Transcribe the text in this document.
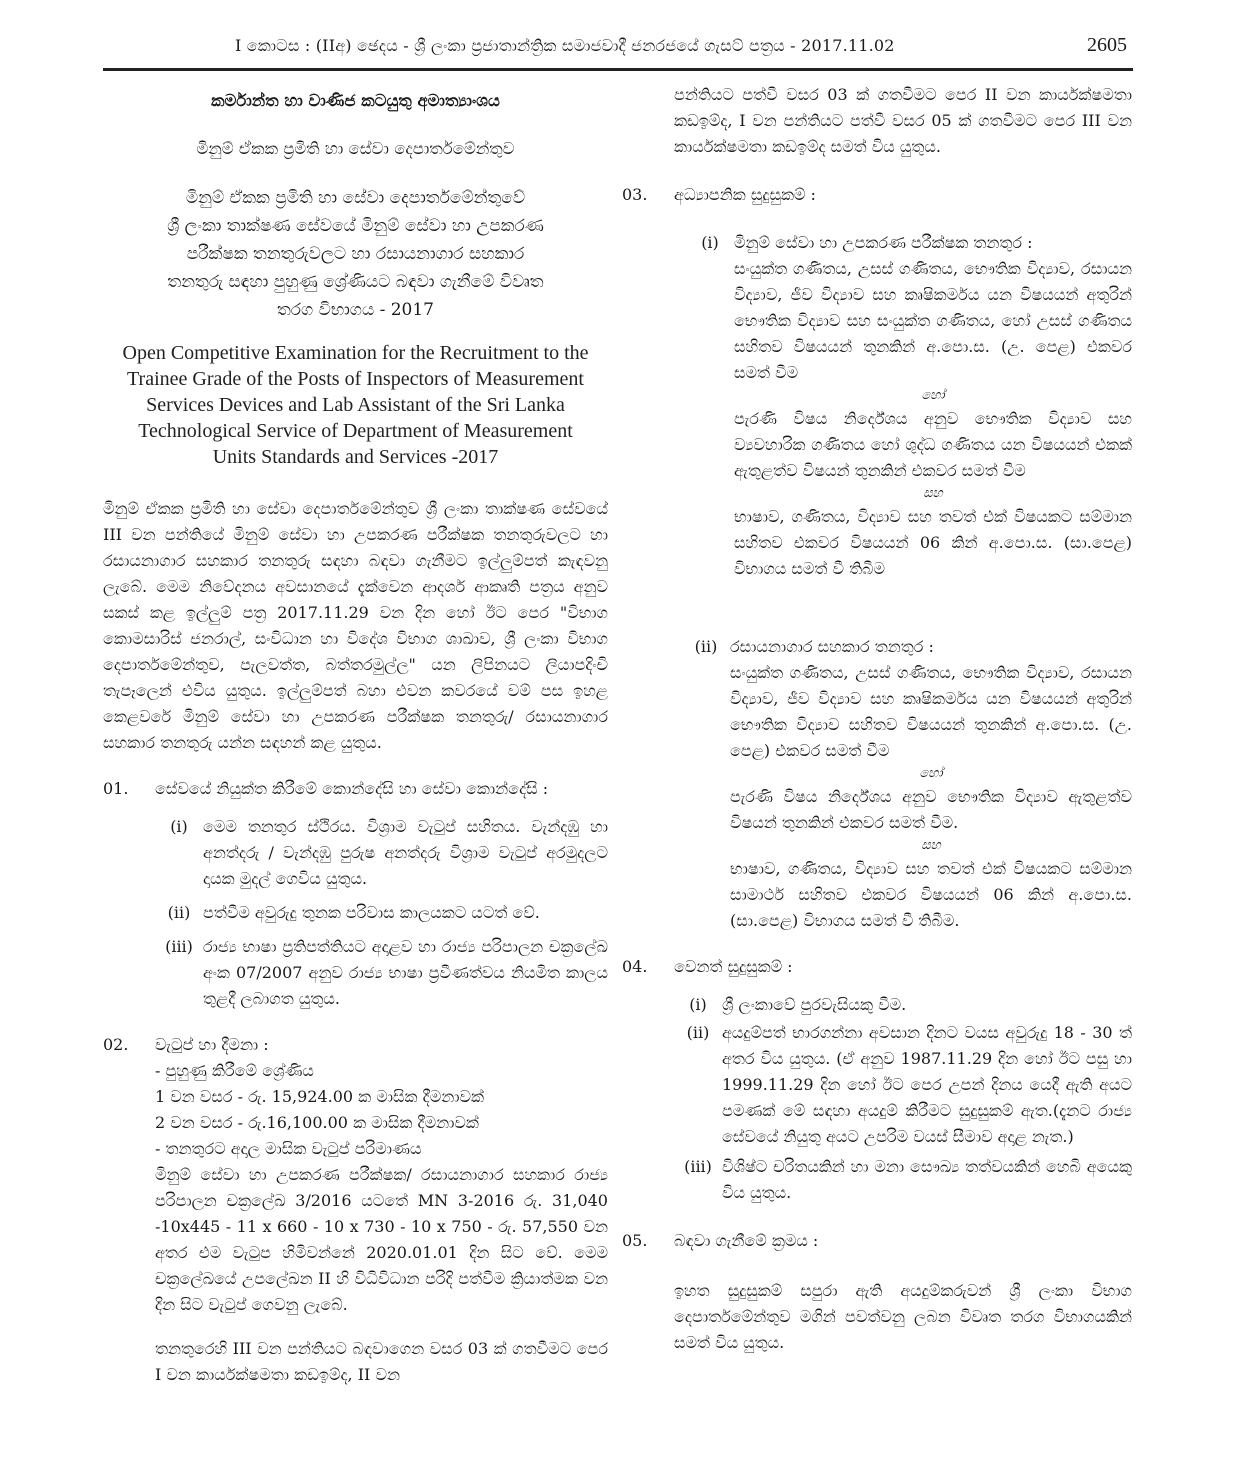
I කොටස : (IIඅ) ඡෙදය - ශ්‍රී ලංකා ප්‍රජාතාන්ත්‍රික සමාජවාදී ජනරජයේ ගැසට් පත්‍රය - 2017.11.02	2605
කර්මාන්ත හා වාණිජ කටයුතු අමාත්‍යාංශය
මිනුම් ඒකක ප්‍රමිති හා සේවා දෙපාර්තමේන්තුව
මිනුම් ඒකක ප්‍රමිති හා සේවා දෙපාර්තමේන්තුවේ
ශ්‍රී ලංකා තාක්ෂණ සේවයේ මිනුම් සේවා හා උපකරණ
පරීක්ෂක තනතුරුවලට හා රසායනාගාර සහකාර
තනතුරු සඳහා පුහුණු ශ්‍රේණියට බඳවා ගැනීමේ විවෘත
තරග විභාගය - 2017
Open Competitive Examination for the Recruitment to the
Trainee Grade of the Posts of Inspectors of Measurement
Services Devices and Lab Assistant of the Sri Lanka
Technological Service of Department of Measurement
Units Standards and Services -2017

මිනුම් ඒකක ප්‍රමිති හා සේවා දෙපාර්තමේන්තුව ශ්‍රී ලංකා තාක්ෂණ සේවයේ III වන පන්තියේ මිනුම් සේවා හා උපකරණ පරීක්ෂක තනතුරුවලට හා රසායනාගාර සහකාර තනතුරු සඳහා බඳවා ගැනීමට ඉල්ලුම්පත් කැඳවනු ලැබේ. මෙම නිවේදනය අවසානයේ දැක්වෙන ආදර්ශ ආකෘති පත්‍රය අනුව සකස් කළ ඉල්ලුම් පත්‍ර 2017.11.29 වන දින හෝ ඊට පෙර "විභාග කොමසාරිස් ජනරාල්, සංවිධාන හා විදේශ විභාග ශාඛාව, ශ්‍රී ලංකා විභාග දෙපාර්තමේන්තුව, පැලවත්ත, බත්තරමුල්ල" යන ලිපිනයට ලියාපදිංචි තැපෑලෙන් එවිය යුතුය. ඉල්ලුම්පත් බහා එවන කවරයේ වම් පස ඉහළ කෙළවරේ මිනුම් සේවා හා උපකරණ පරීක්ෂක තනතුරු/ රසායනාගාර සහකාර තනතුරු යන්න සඳහන් කළ යුතුය.

01.	සේවයේ නියුක්ත කිරීමේ කොන්දේසි හා සේවා කොන්දේසි :
(i) මෙම තනතුර ස්ථිරය. විශ්‍රාම වැටුප් සහිතය. වැන්දඹු හා අනත්දරු / වැන්දඹු පුරුෂ අනත්දරු විශ්‍රාම වැටුප් අරමුදලට දායක මුදල් ගෙවිය යුතුය.
(ii) පත්වීම අවුරුදු තුනක පරිවාස කාලයකට යටත් වේ.
(iii) රාජ්‍ය භාෂා ප්‍රතිපත්තියට අදාළව හා රාජ්‍ය පරිපාලන චක්‍රලේඛ අංක 07/2007 අනුව රාජ්‍ය භාෂා ප්‍රවීණත්වය නියමිත කාලය තුළදී ලබාගත යුතුය.
02.	වැටුප් හා දීමනා :
- පුහුණු කිරීමේ ශ්‍රේණිය
1 වන වසර - රු. 15,924.00 ක මාසික දීමනාවක්
2 වන වසර - රු.16,100.00 ක මාසික දීමනාවක්
- තනතුරට අදාල මාසික වැටුප් පරිමාණය

මිනුම් සේවා හා උපකරණ පරීක්ෂක/ රසායනාගාර සහකාර රාජ්‍ය පරිපාලන චක්‍රලේඛ 3/2016 යටතේ MN 3-2016 රු. 31,040 -10x445 - 11 x 660 - 10 x 730 - 10 x 750 - රු. 57,550 වන අතර එම වැටුප හිමිවන්නේ 2020.01.01 දින සිට වේ. මෙම චක්‍රලේඛයේ උපලේඛන II හි විධිවිධාන පරිදි පත්වීම ක්‍රියාත්මක වන දින සිට වැටුප් ගෙවනු ලැබේ.

තනතුරෙහි III වන පන්තියට බඳවාගෙන වසර 03 ක් ගතවීමට පෙර I වන කාර්යක්ෂමතා කඩඉම්ද, II වන

පන්තියට පත්වී වසර 03 ක් ගතවීමට පෙර II වන කාර්යක්ෂමතා කඩඉම්ද, I වන පන්තියට පත්වී වසර 05 ක් ගතවීමට පෙර III වන කාර්යක්ෂමතා කඩඉම්ද සමත් විය යුතුය.

03.	අධ්‍යාපනික සුදුසුකම් :
(i) මිනුම් සේවා හා උපකරණ පරීක්ෂක තනතුර :
සංයුක්ත ගණිතය, උසස් ගණිතය, භෞතික විද්‍යාව, රසායන විද්‍යාව, ජීව විද්‍යාව සහ කෘෂිකර්මය යන විෂයයන් අතුරින් භෞතික විද්‍යාව සහ සංයුක්ත ගණිතය, හෝ උසස් ගණිතය සහිතව විෂයයන් තුනකින් අ.පො.ස. (උ. පෙළ) එකවර සමත් වීම
හෝ
පැරණි විෂය නිර්දේශය අනුව භෞතික විද්‍යාව සහ ව්‍යවහාරික ගණිතය හෝ ශුද්ධ ගණිතය යන විෂයයන් එකක් ඇතුළත්ව විෂයන් තුනකින් එකවර සමත් වීම
සහ
භාෂාව, ගණිතය, විද්‍යාව සහ තවත් එක් විෂයකට සම්මාන සහිතව එකවර විෂයයන් 06 කින් අ.පො.ස. (සා.පෙළ) විභාගය සමත් වී තිබීම
(ii) රසායනාගාර සහකාර තනතුර :
සංයුක්ත ගණිතය, උසස් ගණිතය, භෞතික විද්‍යාව, රසායන විද්‍යාව, ජීව විද්‍යාව සහ කෘෂිකර්මය යන විෂයයන් අතුරින් භෞතික විද්‍යාව සහිතව විෂයයන් තුනකින් අ.පො.ස. (උ. පෙළ) එකවර සමත් වීම
හෝ
පැරණි විෂය නිර්දේශය අනුව භෞතික විද්‍යාව ඇතුළත්ව විෂයන් තුනකින් එකවර සමත් වීම.
සහ
භාෂාව, ගණිතය, විද්‍යාව සහ තවත් එක් විෂයකට සම්මාන සාමාර්ථ සහිතව එකවර විෂයයන් 06 කින් අ.පො.ස. (සා.පෙළ) විභාගය සමත් වී තිබීම.
04.	වෙනත් සුදුසුකම් :
(i) ශ්‍රී ලංකාවේ පුරවැසියකු වීම.
(ii) අයදුම්පත් භාරගන්නා අවසාන දිනට වයස අවුරුදු 18 - 30 ත් අතර විය යුතුය. (ඒ අනුව 1987.11.29 දින හෝ ඊට පසු හා 1999.11.29 දින හෝ ඊට පෙර උපන් දිනය යෙදී ඇති අයට පමණක් මේ සඳහා අයදුම් කිරීමට සුදුසුකම් ඇත.(දැනට රාජ්‍ය සේවයේ නියුතු අයට උපරිම වයස් සීමාව අදාළ නැත.)
(iii) විශිෂ්ට චරිතයකින් හා මනා සෞඛ්‍ය තත්වයකින් හෙබි අයෙකු විය යුතුය.
05.	බඳවා ගැනීමේ ක්‍රමය :

ඉහත සුදුසුකම් සපුරා ඇති අයදුම්කරුවන් ශ්‍රී ලංකා විභාග දෙපාර්තමේන්තුව මගින් පවත්වනු ලබන විවෘත තරග විභාගයකින් සමත් විය යුතුය.
